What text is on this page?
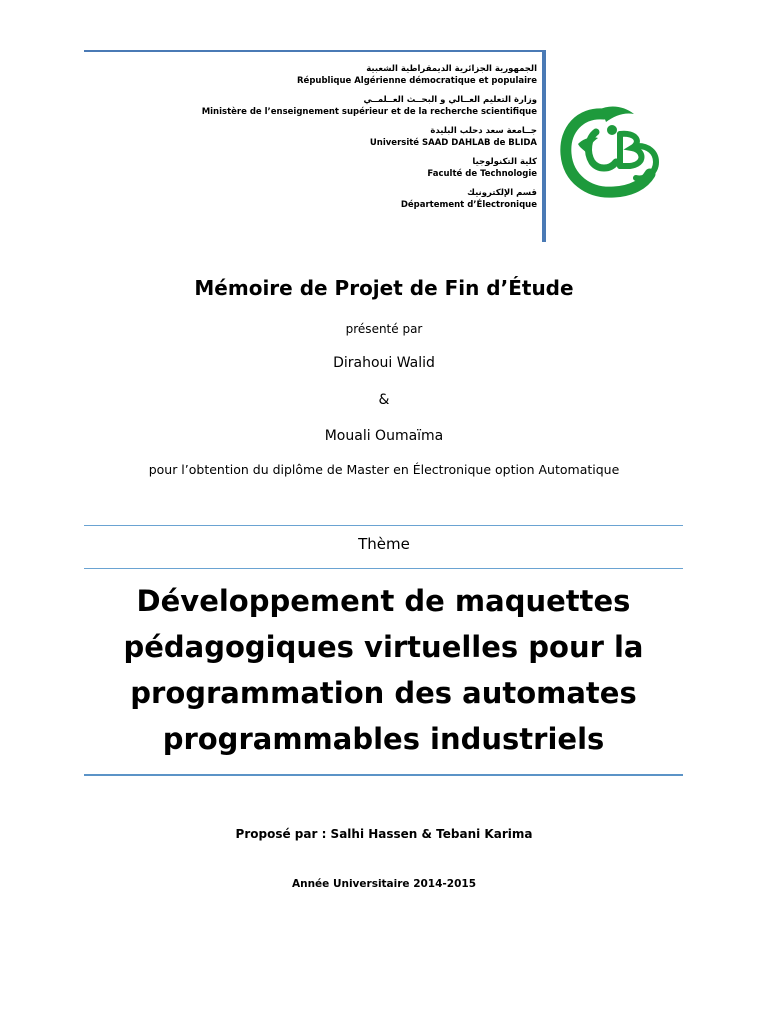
الجمهورية الجزائرية الديمقراطية الشعبية
République Algérienne démocratique et populaire
وزارة التعليم العــالي و البحــث العــلمــي
Ministère de l’enseignement supérieur et de la recherche scientifique
جــامعة سعد دحلب البليدة
Université SAAD DAHLAB de BLIDA
كلية التكنولوجيا
Faculté de Technologie
قسم الإلكترونيك
Département d’Électronique
Mémoire de Projet de Fin d’Étude
présenté par
Dirahoui Walid
&
Mouali Oumaïma
pour l’obtention du diplôme de Master en Électronique option Automatique
Thème
Développement de maquettes
pédagogiques virtuelles pour la
programmation des automates
programmables industriels
Proposé par : Salhi Hassen & Tebani Karima
Année Universitaire 2014-2015
